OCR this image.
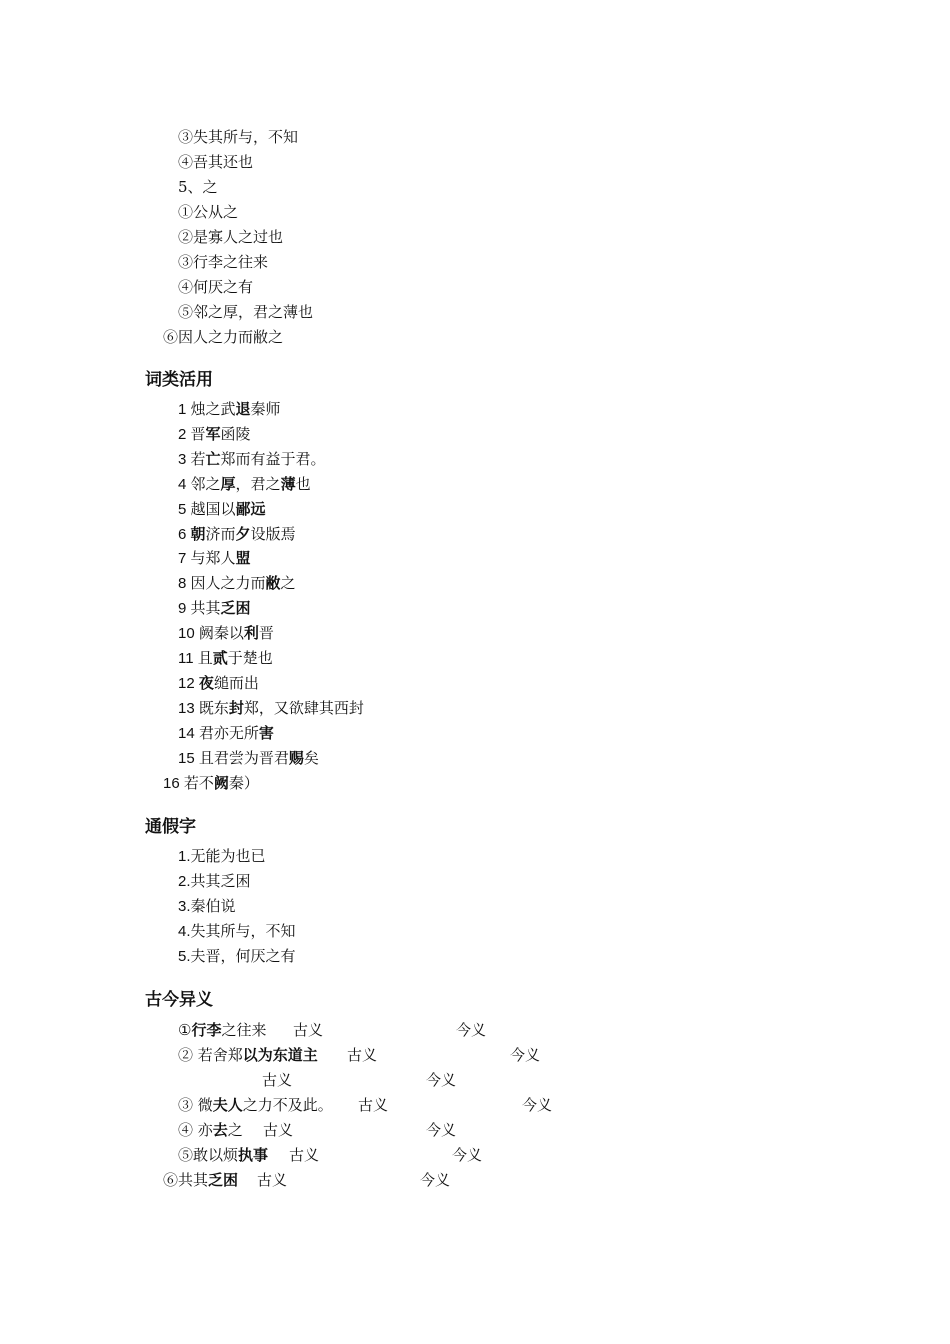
③失其所与，不知
④吾其还也
5、之
①公从之
②是寡人之过也
③行李之往来
④何厌之有
⑤邻之厚，君之薄也
⑥因人之力而敝之
词类活用
1 烛之武退秦师
2 晋军函陵
3 若亡郑而有益于君。
4 邻之厚，君之薄也
5 越国以鄙远
6 朝济而夕设版焉
7 与郑人盟
8 因人之力而敝之
9 共其乏困
10 阙秦以利晋
11 且贰于楚也
12 夜缒而出
13 既东封郑，又欲肆其西封
14 君亦无所害
15 且君尝为晋君赐矣
16 若不阙秦）
通假字
1.无能为也已
2.共其乏困
3.秦伯说
4.失其所与，不知
5.夫晋，何厌之有
古今异义
①行李之往来 古义	今义
② 若舍郑以为东道主 古义	今义
古义	今义
③ 微夫人之力不及此。 古义	今义
④ 亦去之 古义	今义
⑤敢以烦执事 古义	今义
⑥共其乏困 古义	今义
